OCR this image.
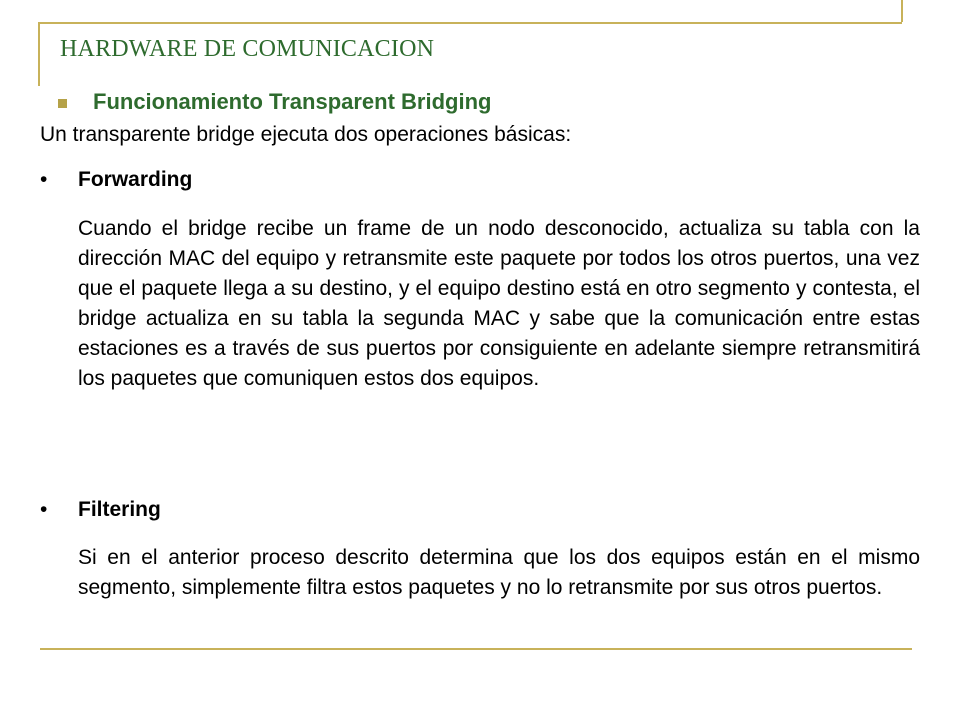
HARDWARE DE COMUNICACION
Funcionamiento Transparent Bridging
Un transparente bridge ejecuta dos operaciones básicas:
•	Forwarding

Cuando el bridge recibe un frame de un nodo desconocido, actualiza su tabla con la dirección MAC del equipo y retransmite este paquete por todos los otros puertos, una vez que el paquete llega a su destino, y el equipo destino está en otro segmento y contesta, el bridge actualiza en su tabla la segunda MAC y sabe que la comunicación entre estas estaciones es a través de sus puertos por consiguiente en adelante siempre retransmitirá los paquetes que comuniquen estos dos equipos.

•	Filtering

Si en el anterior proceso descrito determina que los dos equipos están en el mismo segmento, simplemente filtra estos paquetes y no lo retransmite por sus otros puertos.
